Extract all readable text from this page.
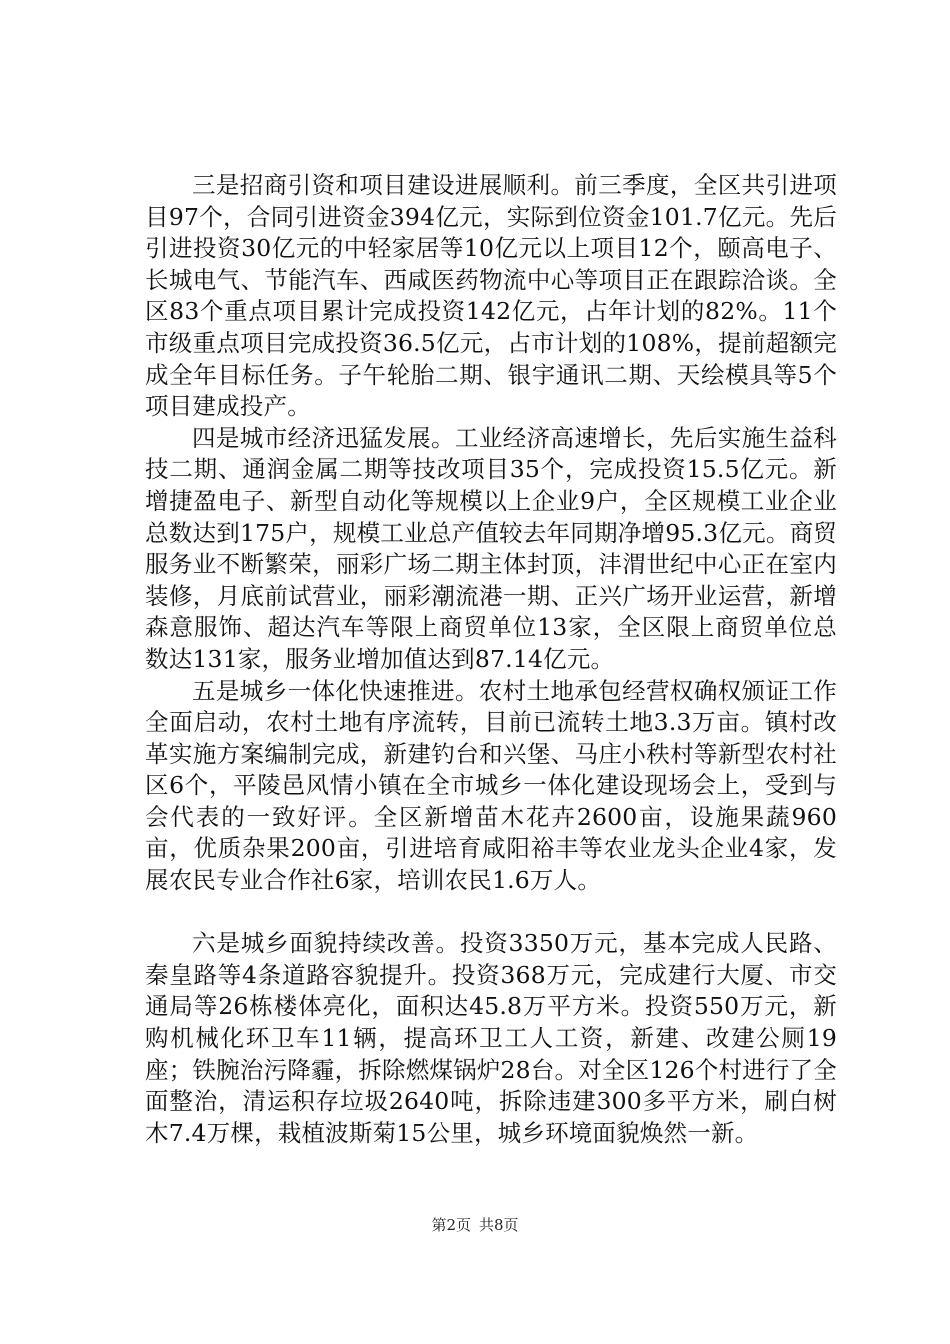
三是招商引资和项目建设进展顺利。前三季度，全区共引进项目97个，合同引进资金394亿元，实际到位资金101.7亿元。先后引进投资30亿元的中轻家居等10亿元以上项目12个，颐高电子、长城电气、节能汽车、西咸医药物流中心等项目正在跟踪洽谈。全区83个重点项目累计完成投资142亿元，占年计划的82%。11个市级重点项目完成投资36.5亿元，占市计划的108%，提前超额完成全年目标任务。子午轮胎二期、银宇通讯二期、天绘模具等5个项目建成投产。

四是城市经济迅猛发展。工业经济高速增长，先后实施生益科技二期、通润金属二期等技改项目35个，完成投资15.5亿元。新增捷盈电子、新型自动化等规模以上企业9户，全区规模工业企业总数达到175户，规模工业总产值较去年同期净增95.3亿元。商贸服务业不断繁荣，丽彩广场二期主体封顶，沣渭世纪中心正在室内装修，月底前试营业，丽彩潮流港一期、正兴广场开业运营，新增森意服饰、超达汽车等限上商贸单位13家，全区限上商贸单位总数达131家，服务业增加值达到87.14亿元。

五是城乡一体化快速推进。农村土地承包经营权确权颁证工作全面启动，农村土地有序流转，目前已流转土地3.3万亩。镇村改革实施方案编制完成，新建钓台和兴堡、马庄小秩村等新型农村社区6个，平陵邑风情小镇在全市城乡一体化建设现场会上，受到与会代表的一致好评。全区新增苗木花卉2600亩，设施果蔬960亩，优质杂果200亩，引进培育咸阳裕丰等农业龙头企业4家，发展农民专业合作社6家，培训农民1.6万人。

六是城乡面貌持续改善。投资3350万元，基本完成人民路、秦皇路等4条道路容貌提升。投资368万元，完成建行大厦、市交通局等26栋楼体亮化，面积达45.8万平方米。投资550万元，新购机械化环卫车11辆，提高环卫工人工资，新建、改建公厕19座；铁腕治污降霾，拆除燃煤锅炉28台。对全区126个村进行了全面整治，清运积存垃圾2640吨，拆除违建300多平方米，刷白树木7.4万棵，栽植波斯菊15公里，城乡环境面貌焕然一新。

第2页 共8页
